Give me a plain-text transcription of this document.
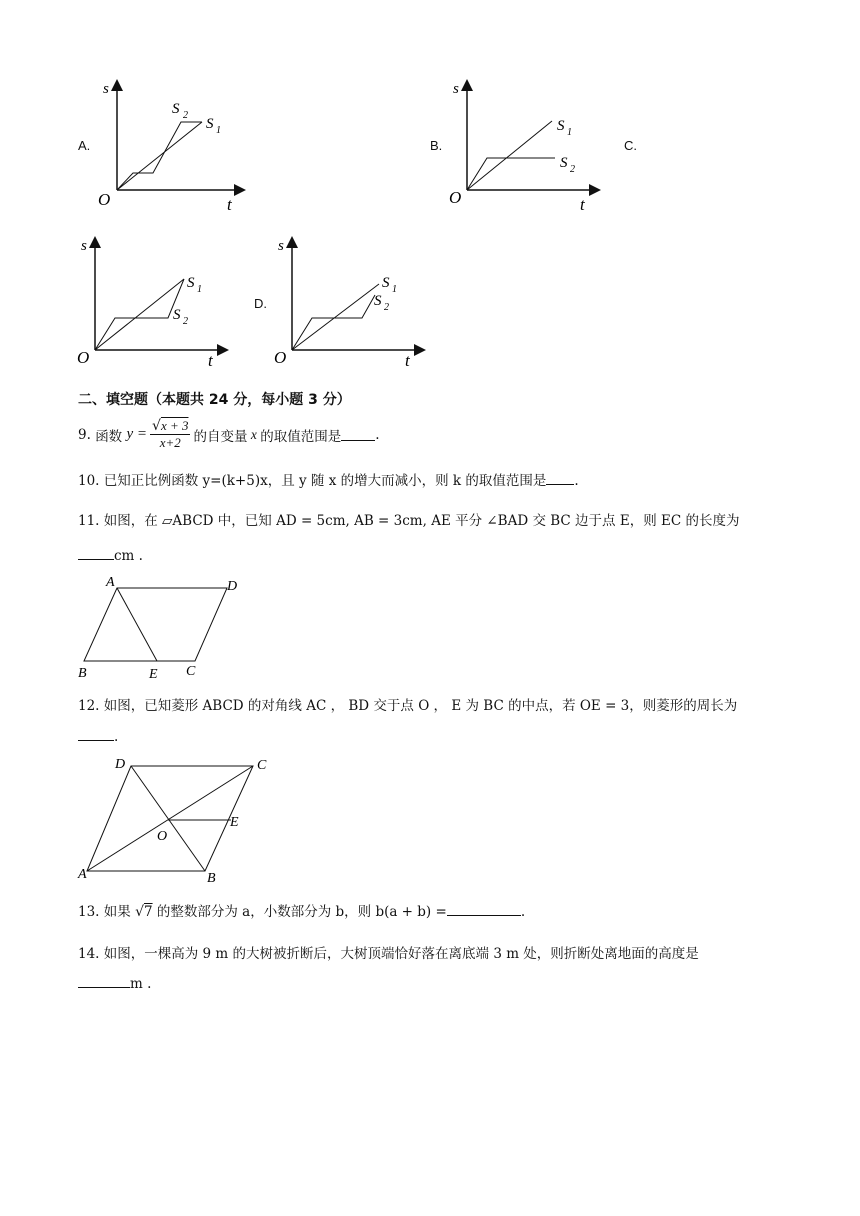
s
t
O
S 2
S 1
A.
s
t
O
S 1
S 2
B.	C.
s
t
O
S 1
S 2
D.
s
t
O
S 1
S 2
二、填空题（本题共 24 分，每小题 3 分）
9.
函数
$y = \frac{√x + 3}{x+2}$ 的自变量 x 的取值范围是	.
10. 已知正比例函数 y=(k+5)x，且 y 随 x 的增大而减小，则 k 的取值范围是 .
11. 如图，在 ▱ABCD 中，已知 AD = 5cm, AB = 3cm, AE 平分 ∠BAD 交 BC 边于点 E，则 EC 的长度为
cm .
A	D
B	E C
12. 如图，已知菱形 ABCD 的对角线 AC ， BD 交于点 O ， E 为 BC 的中点，若 OE = 3，则菱形的周长为
.
D	C
A	B
O
E
13. 如果 √7 的整数部分为 a，小数部分为 b，则 b(a + b) =	.
14. 如图，一棵高为 9 m 的大树被折断后，大树顶端恰好落在离底端 3 m 处，则折断处离地面的高度是
m .
